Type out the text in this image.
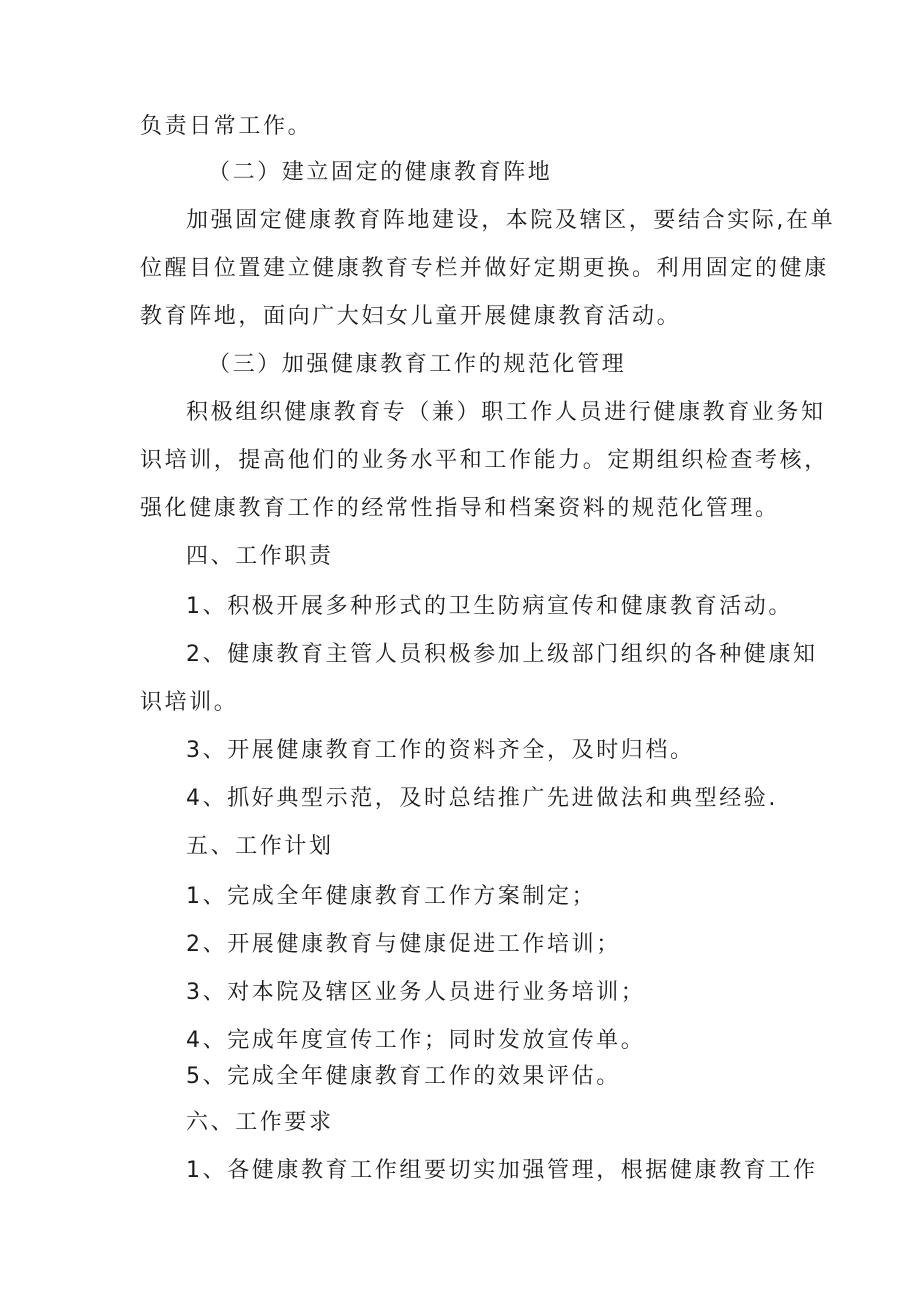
负责日常工作。
（二）建立固定的健康教育阵地
加强固定健康教育阵地建设，本院及辖区，要结合实际,在单
位醒目位置建立健康教育专栏并做好定期更换。利用固定的健康
教育阵地，面向广大妇女儿童开展健康教育活动。
（三）加强健康教育工作的规范化管理
积极组织健康教育专（兼）职工作人员进行健康教育业务知
识培训，提高他们的业务水平和工作能力。定期组织检查考核，
强化健康教育工作的经常性指导和档案资料的规范化管理。
四、工作职责
1、积极开展多种形式的卫生防病宣传和健康教育活动。
2、健康教育主管人员积极参加上级部门组织的各种健康知
识培训。
3、开展健康教育工作的资料齐全，及时归档。
4、抓好典型示范，及时总结推广先进做法和典型经验.
五、工作计划
1、完成全年健康教育工作方案制定；
2、开展健康教育与健康促进工作培训；
3、对本院及辖区业务人员进行业务培训；
4、完成年度宣传工作；同时发放宣传单。
5、完成全年健康教育工作的效果评估。
六、工作要求
1、各健康教育工作组要切实加强管理，根据健康教育工作
